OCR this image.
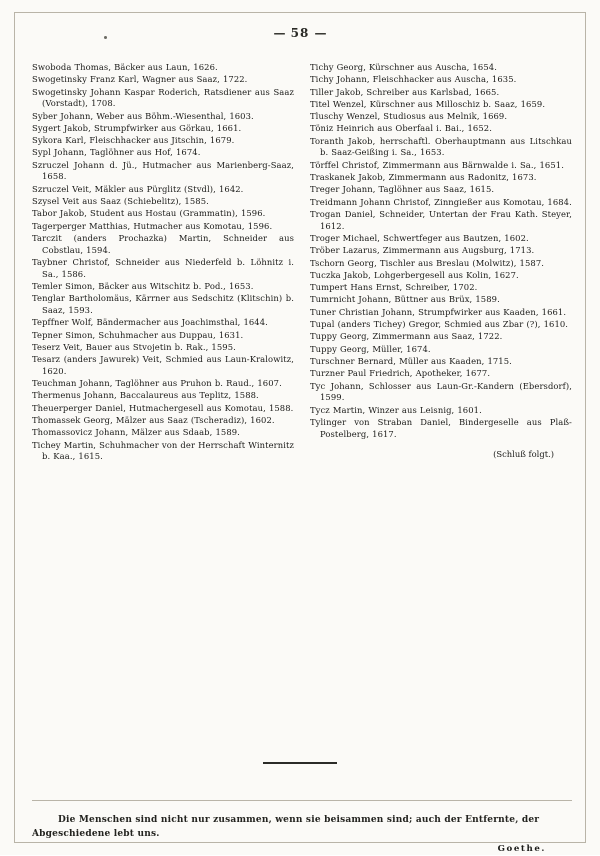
— 58 —

Swoboda Thomas, Bäcker aus Laun, 1626.

Swogetinsky Franz Karl, Wagner aus Saaz, 1722.

Swogetinsky Johann Kaspar Roderich, Ratsdiener aus Saaz (Vorstadt), 1708.

Syber Johann, Weber aus Böhm.-Wiesenthal, 1603.

Sygert Jakob, Strumpfwirker aus Görkau, 1661.

Sykora Karl, Fleischhacker aus Jitschin, 1679.

Sypl Johann, Taglöhner aus Hof, 1674.

Szruczel Johann d. Jü., Hutmacher aus Marienberg-Saaz, 1658.

Szruczel Veit, Mäkler aus Pürglitz (Stvdl), 1642.

Szysel Veit aus Saaz (Schiebelitz), 1585.

Tabor Jakob, Student aus Hostau (Grammatin), 1596.

Tagerperger Matthias, Hutmacher aus Komotau, 1596.

Tarczit (anders Prochazka) Martin, Schneider aus Cobstlau, 1594.

Taybner Christof, Schneider aus Niederfeld b. Löhnitz i. Sa., 1586.

Temler Simon, Bäcker aus Witschitz b. Pod., 1653.

Tenglar Bartholomäus, Kärrner aus Sedschitz (Klitschin) b. Saaz, 1593.

Tepffner Wolf, Bändermacher aus Joachimsthal, 1644.

Tepner Simon, Schuhmacher aus Duppau, 1631.

Teserz Veit, Bauer aus Stvojetin b. Rak., 1595.

Tesarz (anders Jawurek) Veit, Schmied aus Laun-Kralowitz, 1620.

Teuchman Johann, Taglöhner aus Pruhon b. Raud., 1607.

Thermenus Johann, Baccalaureus aus Teplitz, 1588.

Theuerperger Daniel, Hutmachergesell aus Komotau, 1588.

Thomassek Georg, Mälzer aus Saaz (Tscheradiz), 1602.

Thomassovicz Johann, Mälzer aus Sdaab, 1589.

Tichey Martin, Schuhmacher von der Herrschaft Winternitz b. Kaa., 1615.

Tichy Georg, Kürschner aus Auscha, 1654.

Tichy Johann, Fleischhacker aus Auscha, 1635.

Tiller Jakob, Schreiber aus Karlsbad, 1665.

Titel Wenzel, Kürschner aus Milloschiz b. Saaz, 1659.

Tluschy Wenzel, Studiosus aus Melnik, 1669.

Töniz Heinrich aus Oberfaal i. Bai., 1652.

Toranth Jakob, herrschaftl. Oberhauptmann aus Litschkau b. Saaz-Geißing i. Sa., 1653.

Törffel Christof, Zimmermann aus Bärnwalde i. Sa., 1651.

Traskanek Jakob, Zimmermann aus Radonitz, 1673.

Treger Johann, Taglöhner aus Saaz, 1615.

Treidmann Johann Christof, Zinngießer aus Komotau, 1684.

Trogan Daniel, Schneider, Untertan der Frau Kath. Steyer, 1612.

Troger Michael, Schwertfeger aus Bautzen, 1602.

Tröber Lazarus, Zimmermann aus Augsburg, 1713.

Tschorn Georg, Tischler aus Breslau (Molwitz), 1587.

Tuczka Jakob, Lohgerbergesell aus Kolin, 1627.

Tumpert Hans Ernst, Schreiber, 1702.

Tumrnicht Johann, Büttner aus Brüx, 1589.

Tuner Christian Johann, Strumpfwirker aus Kaaden, 1661.

Tupal (anders Tichey) Gregor, Schmied aus Zbar (?), 1610.

Tuppy Georg, Zimmermann aus Saaz, 1722.

Tuppy Georg, Müller, 1674.

Turschner Bernard, Müller aus Kaaden, 1715.

Turzner Paul Friedrich, Apotheker, 1677.

Tyc Johann, Schlosser aus Laun-Gr.-Kandern (Ebersdorf), 1599.

Tycz Martin, Winzer aus Leisnig, 1601.

Tylinger von Straban Daniel, Bindergeselle aus Plaß-Postelberg, 1617.

(Schluß folgt.)

Die Menschen sind nicht nur zusammen, wenn sie beisammen sind; auch der Entfernte, der Abgeschiedene lebt uns.
Goethe.
